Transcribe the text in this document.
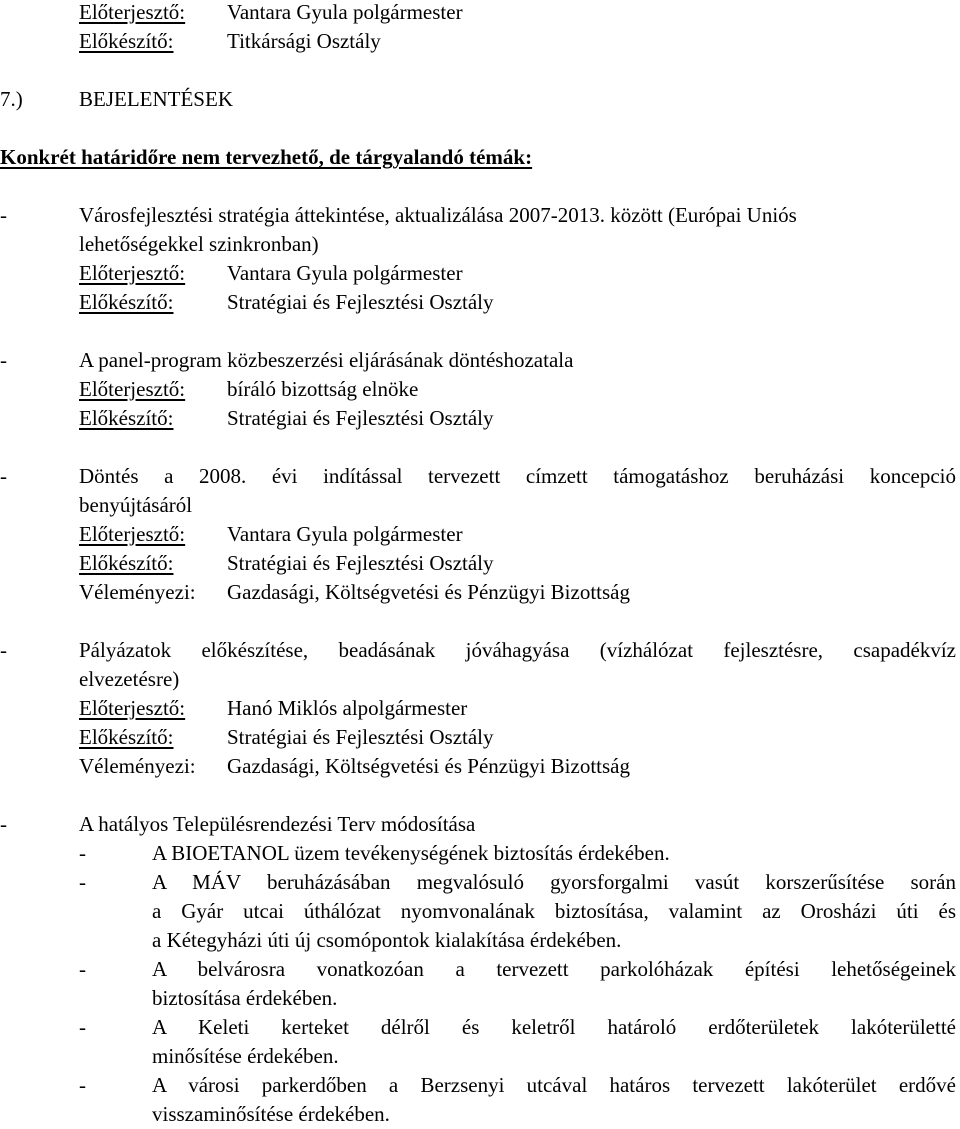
Előterjesztő: Vantara Gyula polgármester
Előkészítő:	Titkársági Osztály
7.)	BEJELENTÉSEK
Konkrét határidőre nem tervezhető, de tárgyalandó témák:
-	Városfejlesztési stratégia áttekintése, aktualizálása 2007-2013. között (Európai Uniós
lehetőségekkel szinkronban)
Előterjesztő: Vantara Gyula polgármester
Előkészítő:	Stratégiai és Fejlesztési Osztály
-	A panel-program közbeszerzési eljárásának döntéshozatala
Előterjesztő: bíráló bizottság elnöke
Előkészítő:	Stratégiai és Fejlesztési Osztály
-	Döntés a 2008. évi indítással tervezett címzett támogatáshoz beruházási koncepció
benyújtásáról
Előterjesztő: Vantara Gyula polgármester
Előkészítő:	Stratégiai és Fejlesztési Osztály
Véleményezi: Gazdasági, Költségvetési és Pénzügyi Bizottság
-	Pályázatok előkészítése, beadásának jóváhagyása (vízhálózat fejlesztésre, csapadékvíz
elvezetésre)
Előterjesztő: Hanó Miklós alpolgármester
Előkészítő:	Stratégiai és Fejlesztési Osztály
Véleményezi: Gazdasági, Költségvetési és Pénzügyi Bizottság
-	A hatályos Településrendezési Terv módosítása
-	A BIOETANOL üzem tevékenységének biztosítás érdekében.
-	A MÁV beruházásában megvalósuló gyorsforgalmi vasút korszerűsítése során
a Gyár utcai úthálózat nyomvonalának biztosítása, valamint az Orosházi úti és
a Kétegyházi úti új csomópontok kialakítása érdekében.
-	A belvárosra vonatkozóan a tervezett parkolóházak építési lehetőségeinek
biztosítása érdekében.
-	A Keleti kerteket délről és keletről határoló erdőterületek lakóterületté
minősítése érdekében.
-	A városi parkerdőben a Berzsenyi utcával határos tervezett lakóterület erdővé
visszaminősítése érdekében.
